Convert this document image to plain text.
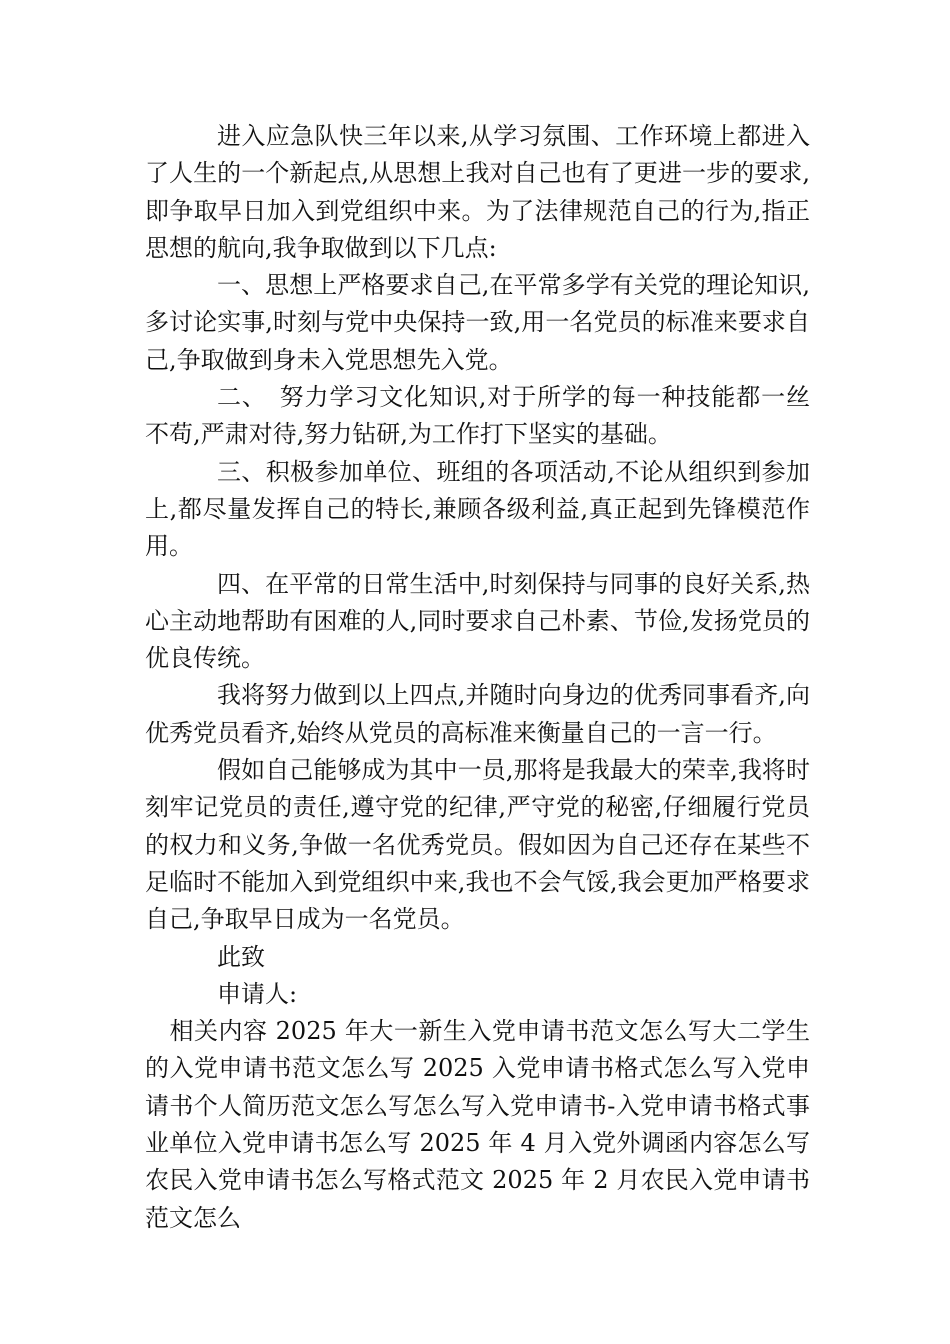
进入应急队快三年以来,从学习氛围、工作环境上都进入了人生的一个新起点,从思想上我对自己也有了更进一步的要求,即争取早日加入到党组织中来。为了法律规范自己的行为,指正思想的航向,我争取做到以下几点:

一、思想上严格要求自己,在平常多学有关党的理论知识,多讨论实事,时刻与党中央保持一致,用一名党员的标准来要求自己,争取做到身未入党思想先入党。

二、　努力学习文化知识,对于所学的每一种技能都一丝不苟,严肃对待,努力钻研,为工作打下坚实的基础。

三、积极参加单位、班组的各项活动,不论从组织到参加上,都尽量发挥自己的特长,兼顾各级利益,真正起到先锋模范作用。

四、在平常的日常生活中,时刻保持与同事的良好关系,热心主动地帮助有困难的人,同时要求自己朴素、节俭,发扬党员的优良传统。

我将努力做到以上四点,并随时向身边的优秀同事看齐,向优秀党员看齐,始终从党员的高标准来衡量自己的一言一行。

假如自己能够成为其中一员,那将是我最大的荣幸,我将时刻牢记党员的责任,遵守党的纪律,严守党的秘密,仔细履行党员的权力和义务,争做一名优秀党员。假如因为自己还存在某些不足临时不能加入到党组织中来,我也不会气馁,我会更加严格要求自己,争取早日成为一名党员。

此致

申请人:

相关内容 2025 年大一新生入党申请书范文怎么写大二学生的入党申请书范文怎么写 2025 入党申请书格式怎么写入党申请书个人简历范文怎么写怎么写入党申请书-入党申请书格式事业单位入党申请书怎么写 2025 年 4 月入党外调函内容怎么写农民入党申请书怎么写格式范文 2025 年 2 月农民入党申请书范文怎么
